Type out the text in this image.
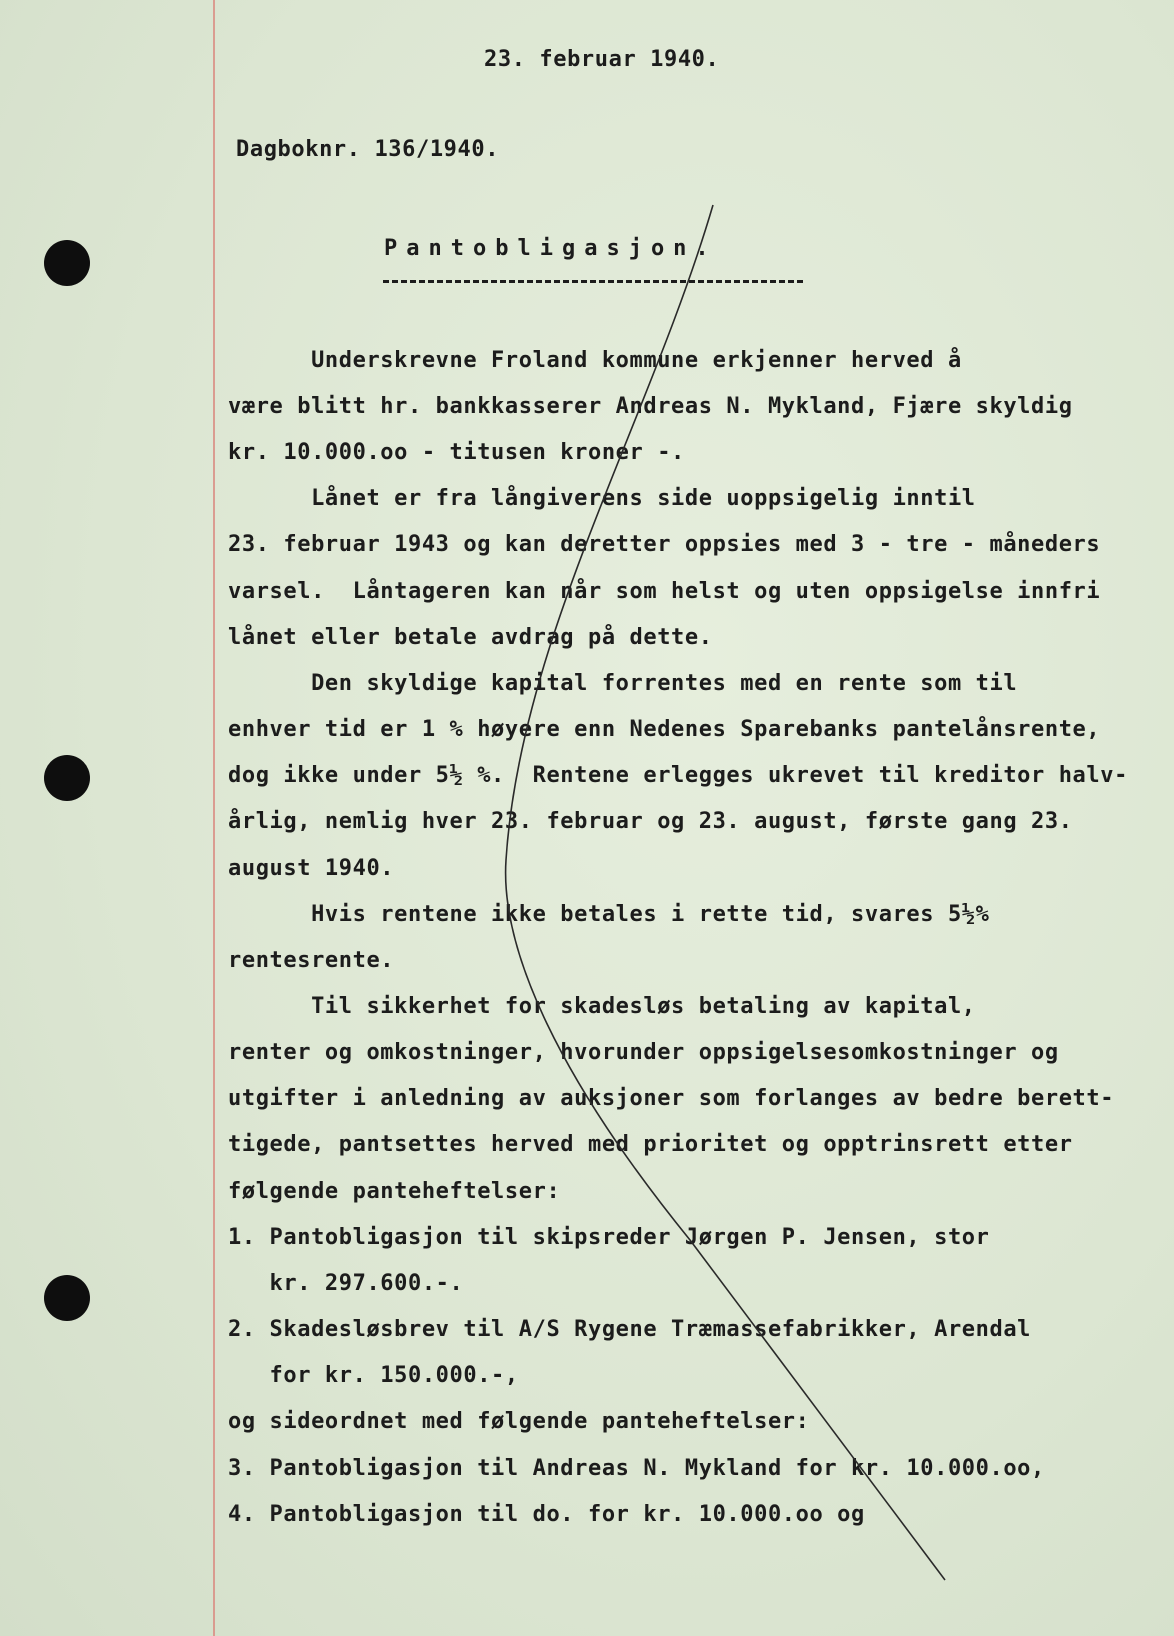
23. februar 1940.
Dagboknr. 136/1940.
Pantobligasjon.
Underskrevne Froland kommune erkjenner herved å
være blitt hr. bankkasserer Andreas N. Mykland, Fjære skyldig
kr. 10.000.oo - titusen kroner -.
Lånet er fra långiverens side uoppsigelig inntil
23. februar 1943 og kan deretter oppsies med 3 - tre - måneders
varsel.  Låntageren kan når som helst og uten oppsigelse innfri
lånet eller betale avdrag på dette.
Den skyldige kapital forrentes med en rente som til
enhver tid er 1 % høyere enn Nedenes Sparebanks pantelånsrente,
dog ikke under 5½ %.  Rentene erlegges ukrevet til kreditor halv-
årlig, nemlig hver 23. februar og 23. august, første gang 23.
august 1940.
Hvis rentene ikke betales i rette tid, svares 5½%
rentesrente.
Til sikkerhet for skadesløs betaling av kapital,
renter og omkostninger, hvorunder oppsigelsesomkostninger og
utgifter i anledning av auksjoner som forlanges av bedre berett-
tigede, pantsettes herved med prioritet og opptrinsrett etter
følgende panteheftelser:
1. Pantobligasjon til skipsreder Jørgen P. Jensen, stor
kr. 297.600.-.
2. Skadesløsbrev til A/S Rygene Træmassefabrikker, Arendal
for kr. 150.000.-,
og sideordnet med følgende panteheftelser:
3. Pantobligasjon til Andreas N. Mykland for kr. 10.000.oo,
4. Pantobligasjon til do. for kr. 10.000.oo og
